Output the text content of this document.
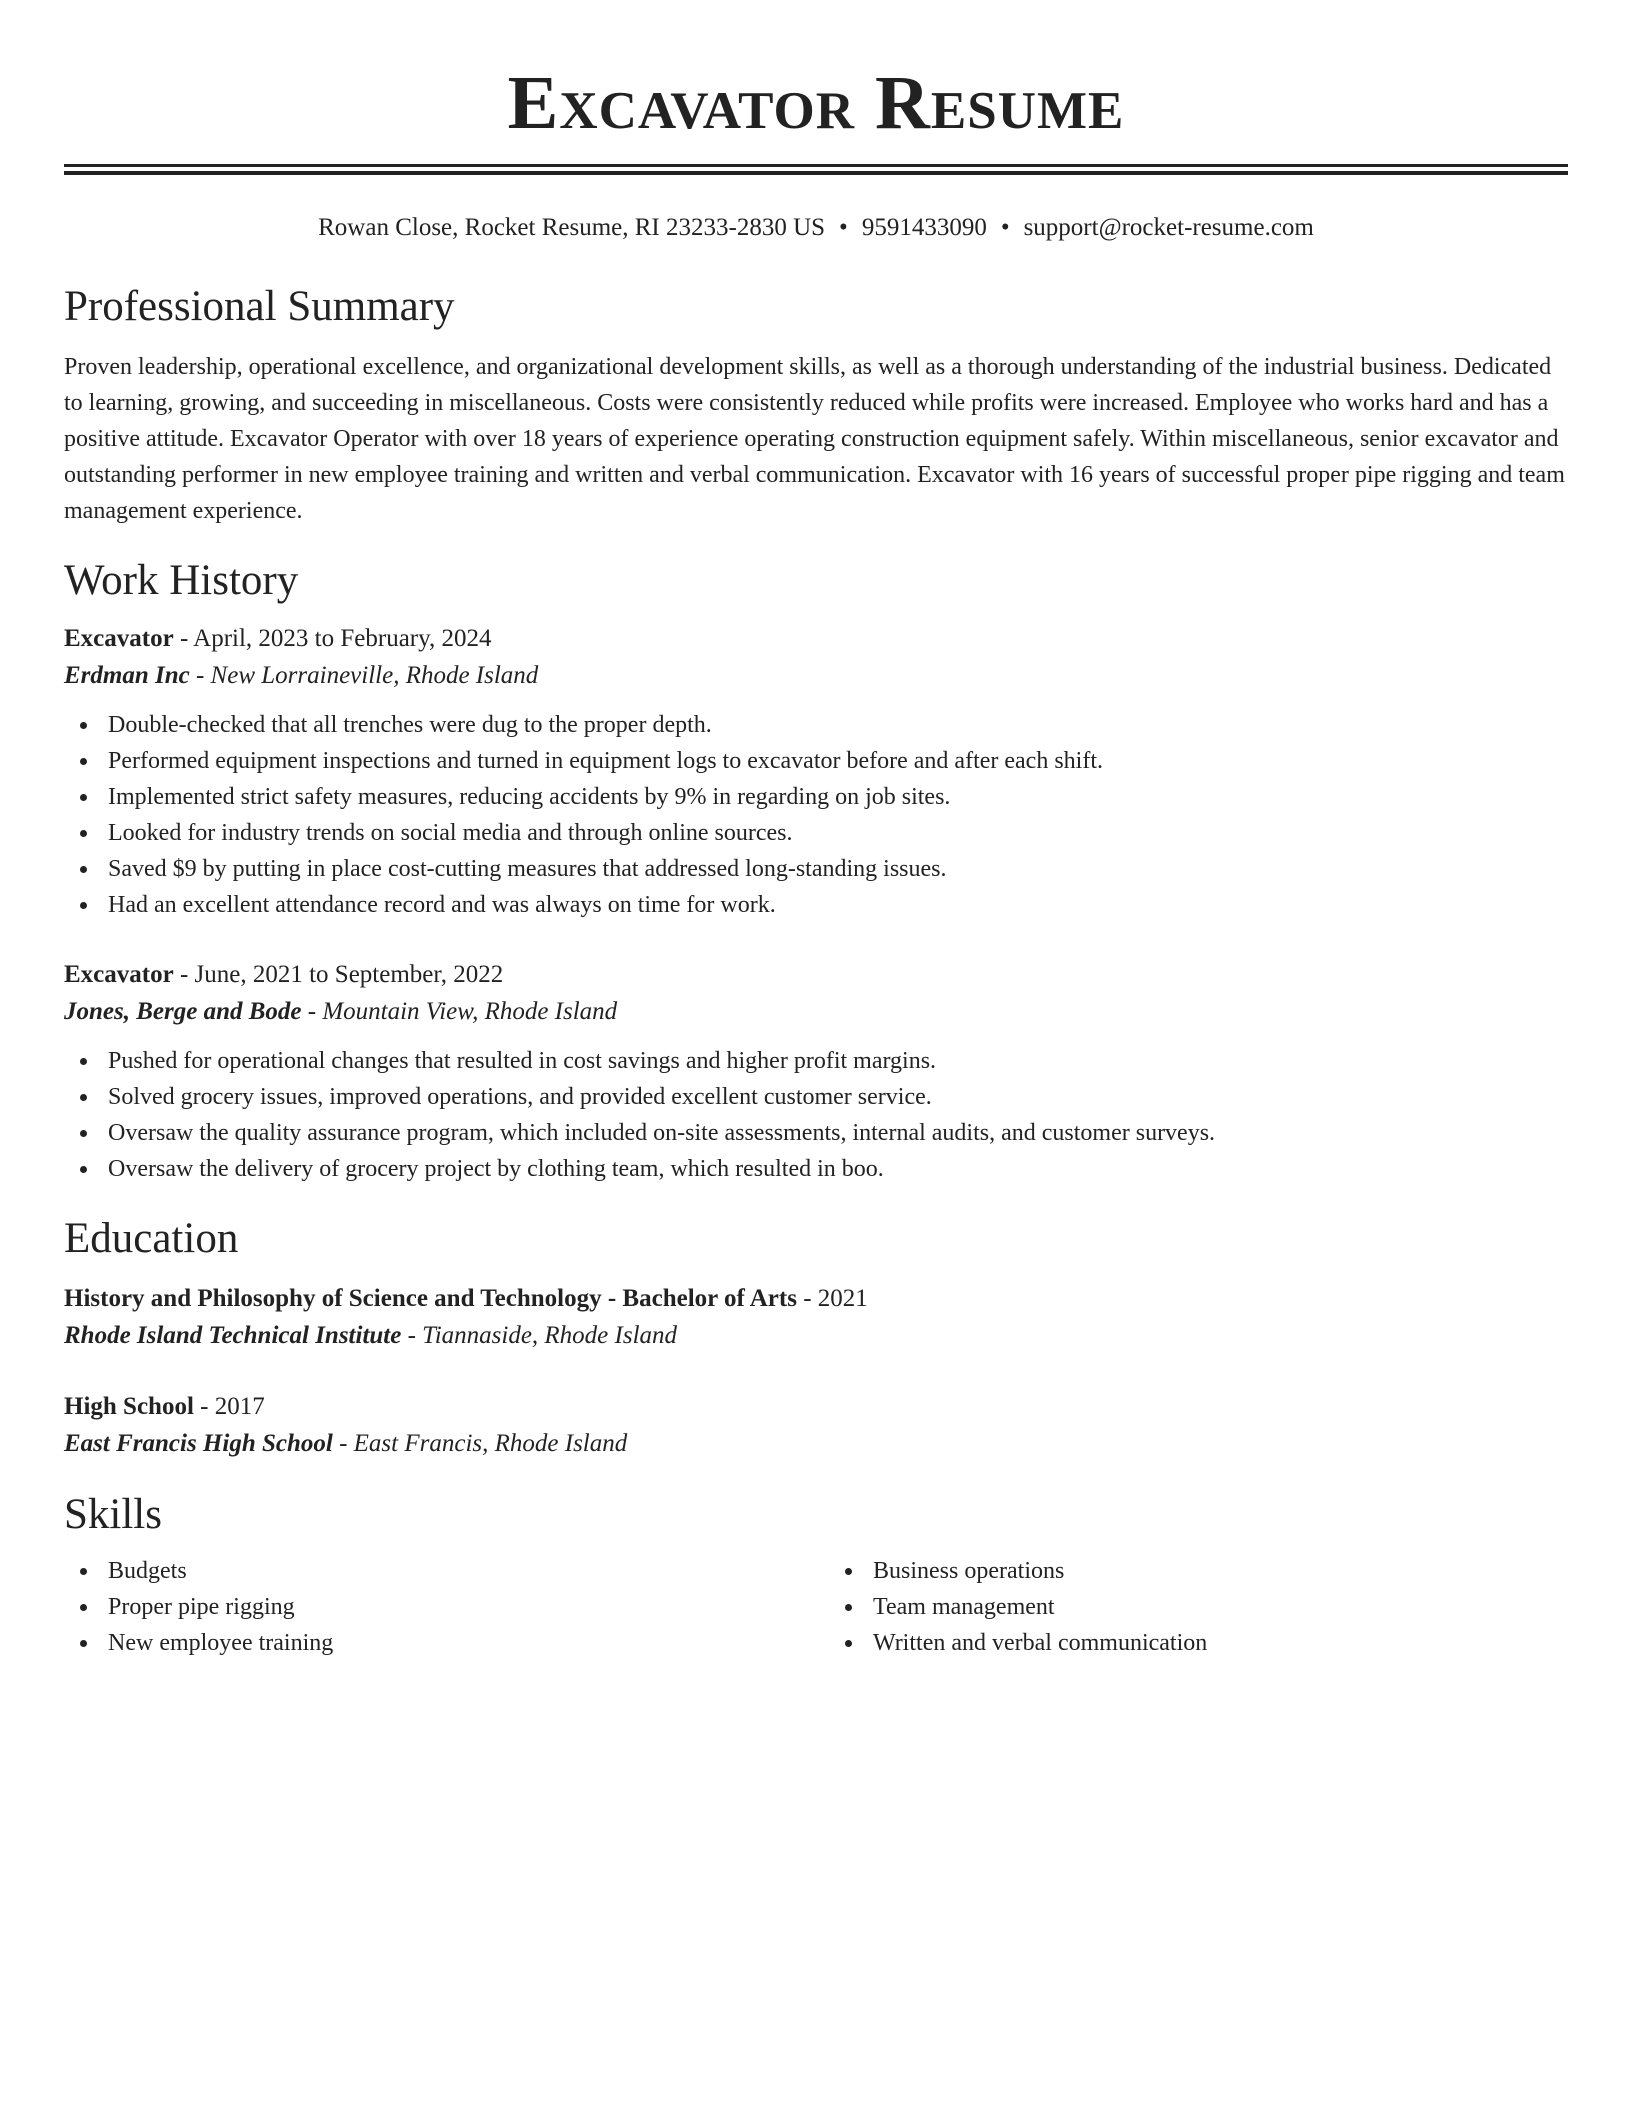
Excavator Resume
Rowan Close, Rocket Resume, RI 23233-2830 US • 9591433090 • support@rocket-resume.com
Professional Summary

Proven leadership, operational excellence, and organizational development skills, as well as a thorough understanding of the industrial business. Dedicated to learning, growing, and succeeding in miscellaneous. Costs were consistently reduced while profits were increased. Employee who works hard and has a positive attitude. Excavator Operator with over 18 years of experience operating construction equipment safely. Within miscellaneous, senior excavator and outstanding performer in new employee training and written and verbal communication. Excavator with 16 years of successful proper pipe rigging and team management experience.

Work History
Excavator - April, 2023 to February, 2024
Erdman Inc - New Lorraineville, Rhode Island
Double-checked that all trenches were dug to the proper depth.
Performed equipment inspections and turned in equipment logs to excavator before and after each shift.
Implemented strict safety measures, reducing accidents by 9% in regarding on job sites.
Looked for industry trends on social media and through online sources.
Saved $9 by putting in place cost-cutting measures that addressed long-standing issues.
Had an excellent attendance record and was always on time for work.
Excavator - June, 2021 to September, 2022
Jones, Berge and Bode - Mountain View, Rhode Island
Pushed for operational changes that resulted in cost savings and higher profit margins.
Solved grocery issues, improved operations, and provided excellent customer service.
Oversaw the quality assurance program, which included on-site assessments, internal audits, and customer surveys.
Oversaw the delivery of grocery project by clothing team, which resulted in boo.
Education
History and Philosophy of Science and Technology - Bachelor of Arts - 2021
Rhode Island Technical Institute - Tiannaside, Rhode Island
High School - 2017
East Francis High School - East Francis, Rhode Island
Skills
Budgets
Proper pipe rigging
New employee training
Business operations
Team management
Written and verbal communication
